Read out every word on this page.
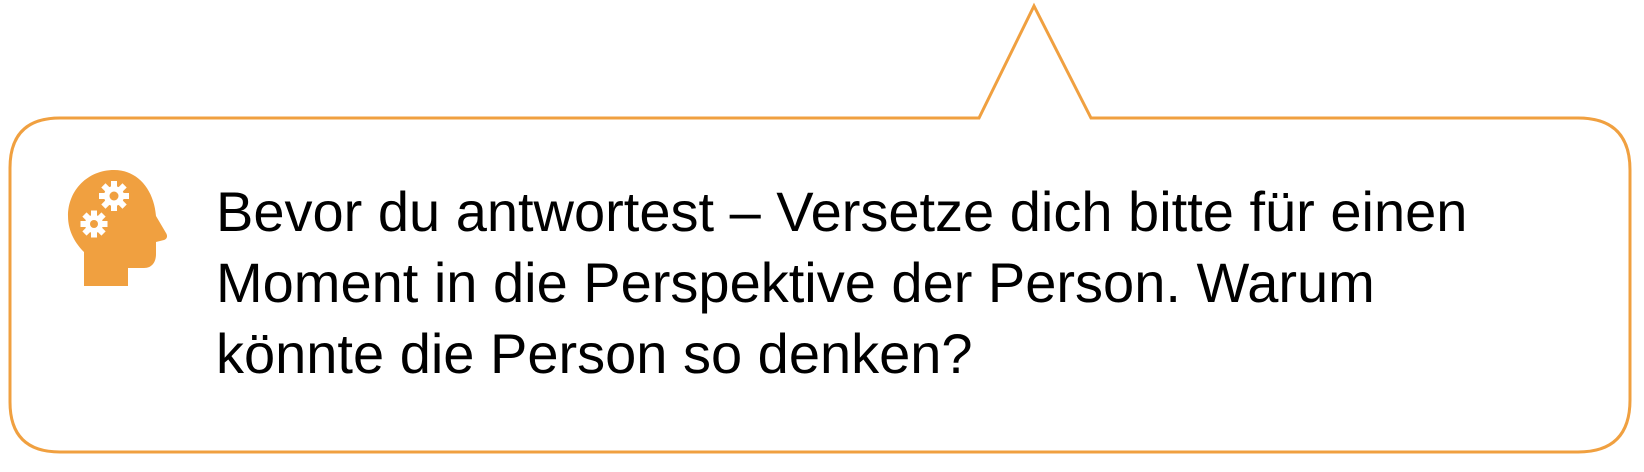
Bevor du antwortest – Versetze dich bitte für einen
Moment in die Perspektive der Person. Warum
könnte die Person so denken?
